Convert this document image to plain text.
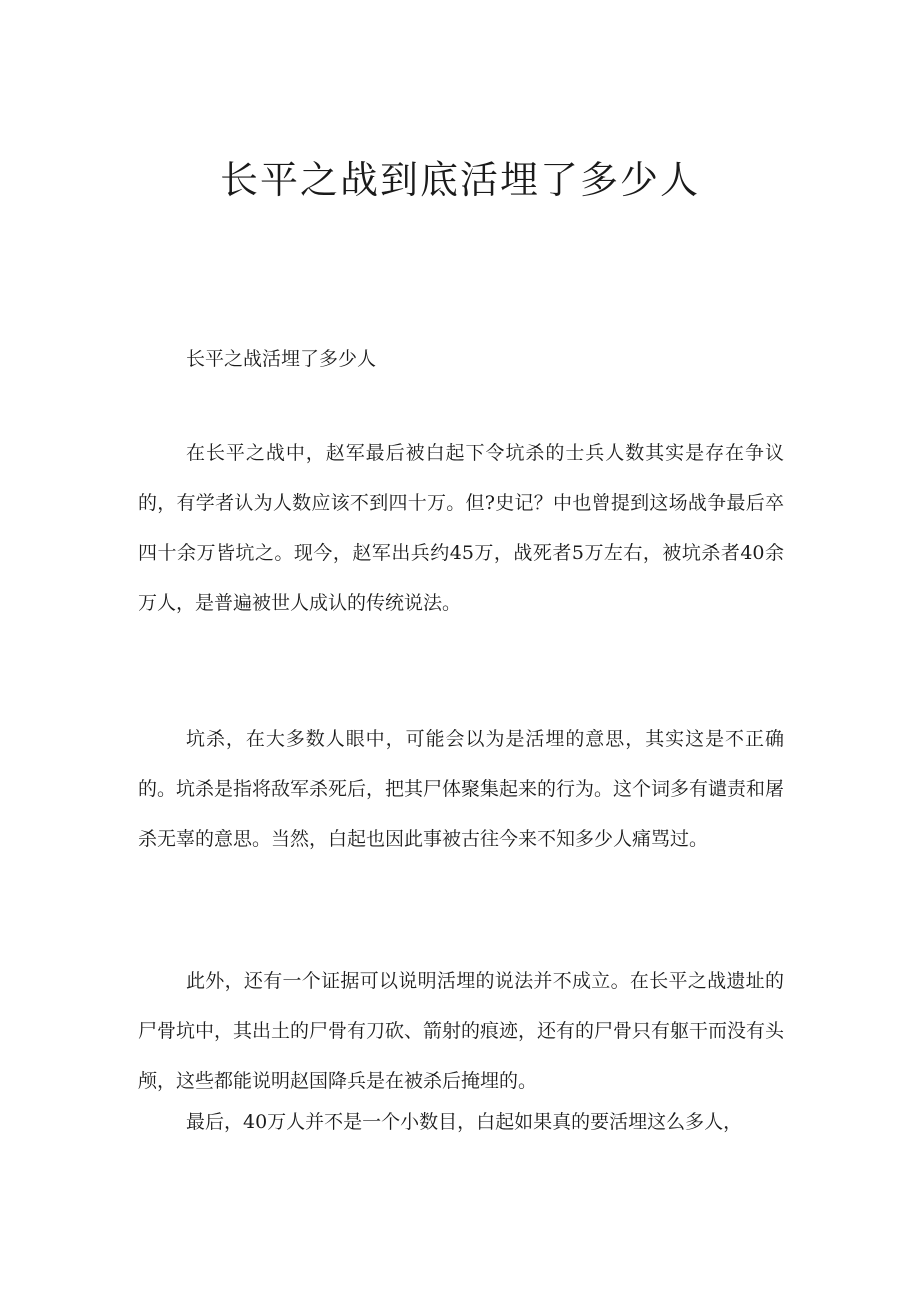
长平之战到底活埋了多少人

长平之战活埋了多少人

在长平之战中，赵军最后被白起下令坑杀的士兵人数其实是存在争议的，有学者认为人数应该不到四十万。但?史记？中也曾提到这场战争最后卒四十余万皆坑之。现今，赵军出兵约45万，战死者5万左右，被坑杀者40余万人，是普遍被世人成认的传统说法。

坑杀，在大多数人眼中，可能会以为是活埋的意思，其实这是不正确的。坑杀是指将敌军杀死后，把其尸体聚集起来的行为。这个词多有谴责和屠杀无辜的意思。当然，白起也因此事被古往今来不知多少人痛骂过。

此外，还有一个证据可以说明活埋的说法并不成立。在长平之战遗址的尸骨坑中，其出土的尸骨有刀砍、箭射的痕迹，还有的尸骨只有躯干而没有头颅，这些都能说明赵国降兵是在被杀后掩埋的。

最后，40万人并不是一个小数目，白起如果真的要活埋这么多人，
